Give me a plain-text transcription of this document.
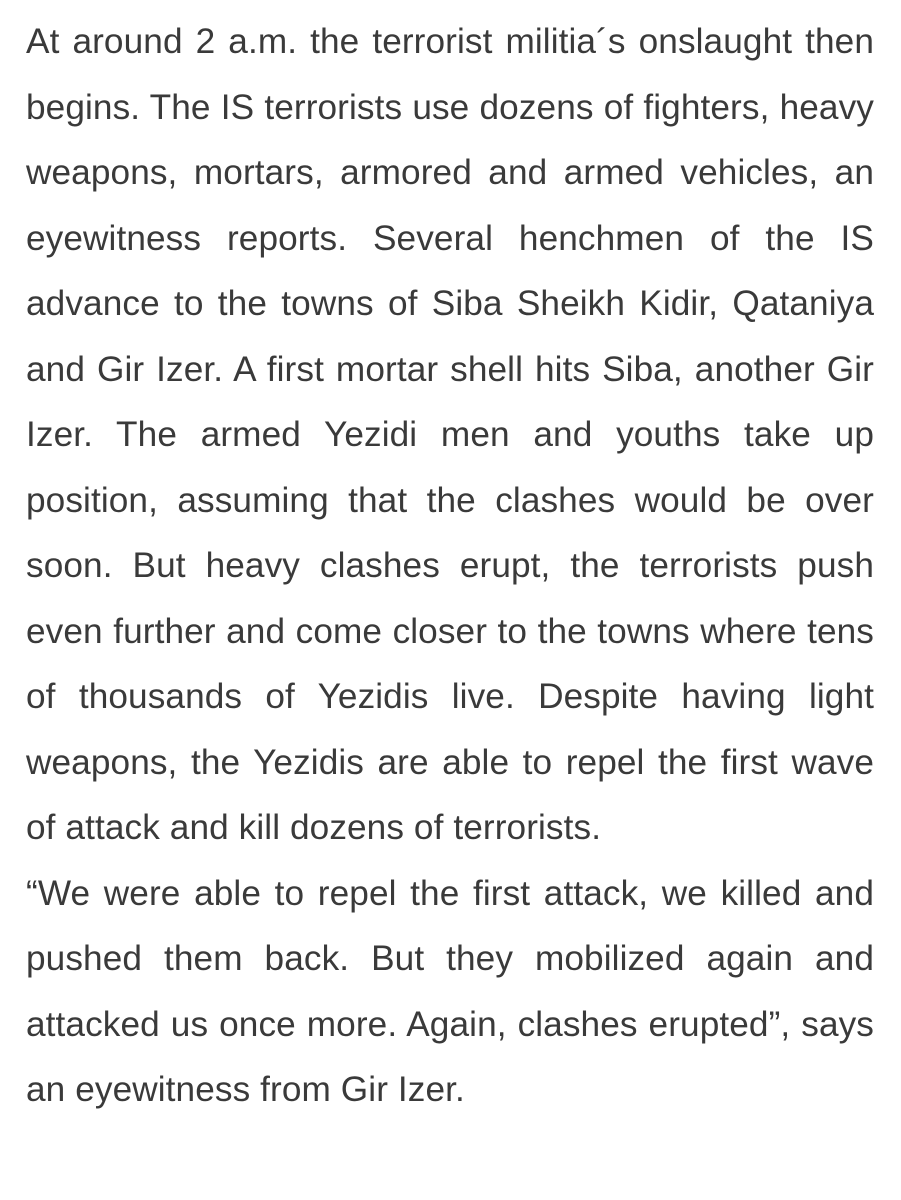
At around 2 a.m. the terrorist militia´s onslaught then begins. The IS terrorists use dozens of fighters, heavy weapons, mortars, armored and armed vehicles, an eyewitness reports. Several henchmen of the IS advance to the towns of Siba Sheikh Kidir, Qataniya and Gir Izer. A first mortar shell hits Siba, another Gir Izer. The armed Yezidi men and youths take up position, assuming that the clashes would be over soon. But heavy clashes erupt, the terrorists push even further and come closer to the towns where tens of thousands of Yezidis live. Despite having light weapons, the Yezidis are able to repel the first wave of attack and kill dozens of terrorists.

“We were able to repel the first attack, we killed and pushed them back. But they mobilized again and attacked us once more. Again, clashes erupted”, says an eyewitness from Gir Izer.
